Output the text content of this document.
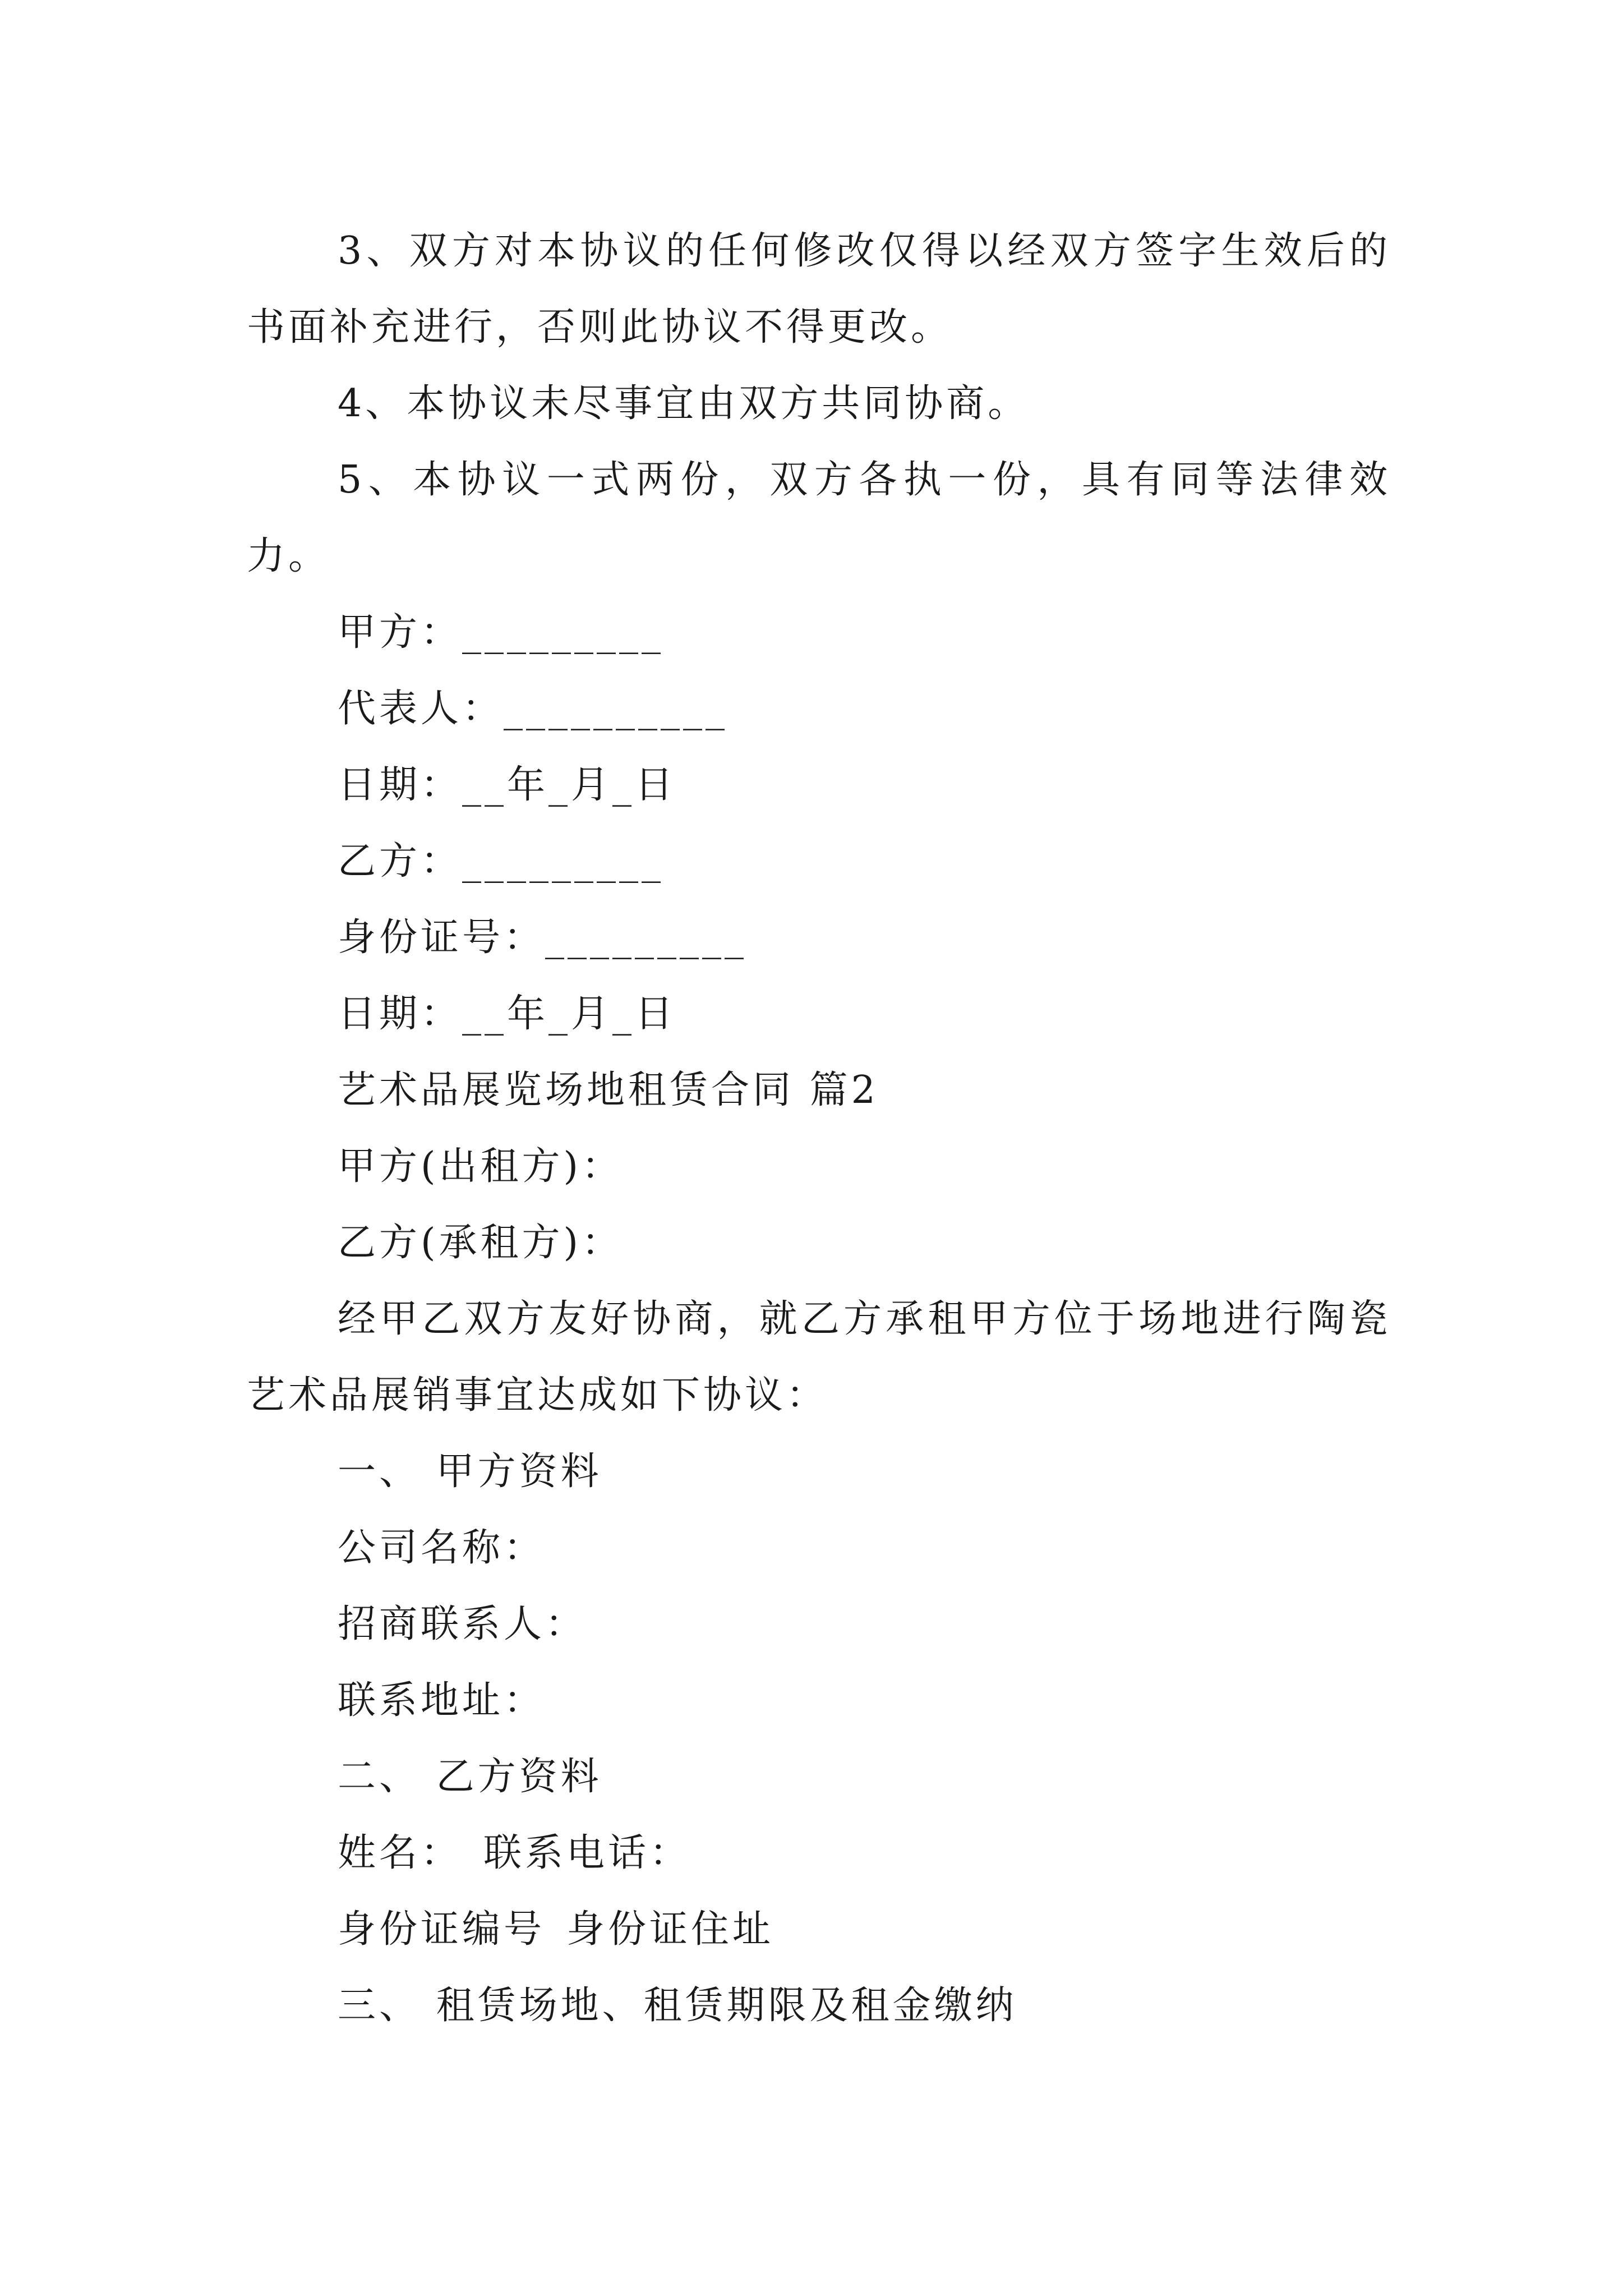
3、双方对本协议的任何修改仅得以经双方签字生效后的书面补充进行，否则此协议不得更改。
4、本协议未尽事宜由双方共同协商。
5、本协议一式两份，双方各执一份，具有同等法律效力。
甲方：_________
代表人：__________
日期：__年_月_日
乙方：_________
身份证号：_________
日期：__年_月_日
艺术品展览场地租赁合同 篇2
甲方(出租方)：
乙方(承租方)：
经甲乙双方友好协商，就乙方承租甲方位于场地进行陶瓷艺术品展销事宜达成如下协议：
一、 甲方资料
公司名称：
招商联系人：
联系地址：
二、 乙方资料
姓名： 联系电话：
身份证编号 身份证住址
三、 租赁场地、租赁期限及租金缴纳
